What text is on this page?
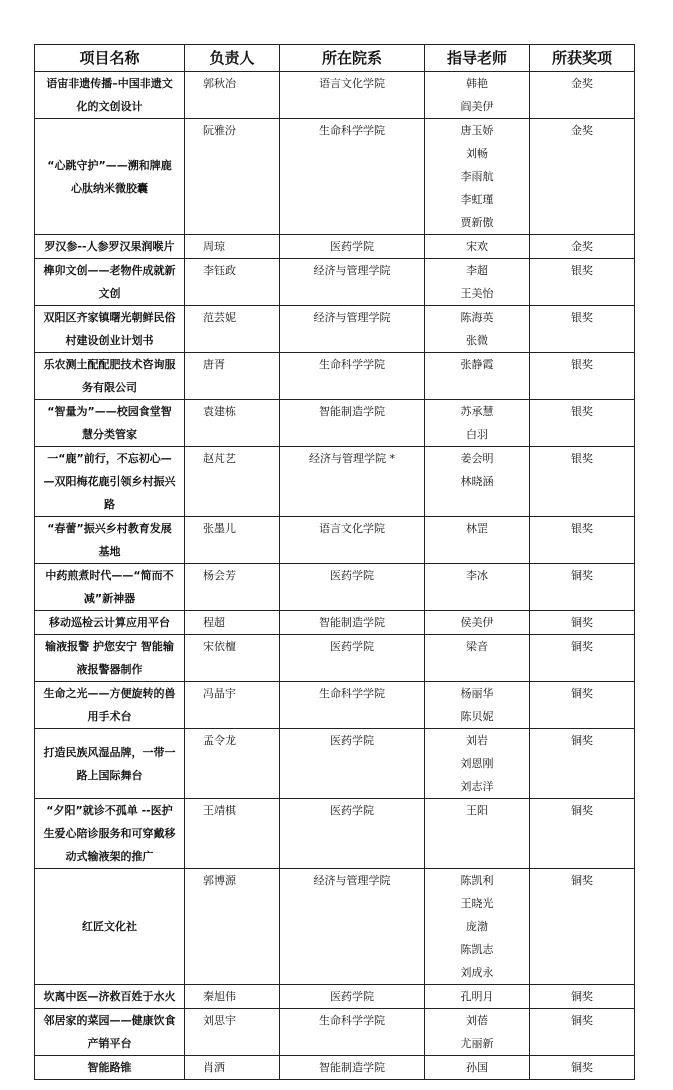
项目名称	负责人	所在院系	指导老师	所获奖项

语宙非遗传播–中国非遗文
化的文创设计	郭秋冶	语言文化学院	韩艳
阎美伊	金奖

“心跳守护”——溯和牌鹿
心肽纳米微胶囊	阮雅汾	生命科学学院	唐玉娇
刘畅
李雨航
李虹瑾
贾新傲	金奖

罗汉参--人参罗汉果润喉片	周琼	医药学院	宋欢	金奖

榫卯文创——老物件成就新
文创	李钰政	经济与管理学院	李超
王美怡	银奖

双阳区齐家镇曙光朝鲜民俗
村建设创业计划书	范芸妮	经济与管理学院	陈海英
张微	银奖

乐农测土配配肥技术咨询服
务有限公司	唐胥	生命科学学院	张静霞	银奖

“智量为”——校园食堂智
慧分类管家	袁建栋	智能制造学院	苏承慧
白羽	银奖

一“鹿”前行，不忘初心—
—双阳梅花鹿引领乡村振兴
路	赵芃艺	经济与管理学院 *	姜会明
林晓涵	银奖

“春蕾”振兴乡村教育发展
基地	张墨儿	语言文化学院	林罡	银奖

中药煎煮时代——“简而不
减”新神器	杨会芳	医药学院	李冰	铜奖

移动巡检云计算应用平台	程超	智能制造学院	侯美伊	铜奖

输液报警 护您安宁 智能输
液报警器制作	宋依檀	医药学院	梁音	铜奖

生命之光——方便旋转的兽
用手术台	冯晶宇	生命科学学院	杨丽华
陈贝妮	铜奖

打造民族风湿品牌，一带一
路上国际舞台	孟令龙	医药学院	刘岩
刘恩刚
刘志洋	铜奖

“夕阳”就诊不孤单 --医护
生爱心陪诊服务和可穿戴移
动式输液架的推广	王靖棋	医药学院	王阳	铜奖

红匠文化社	郭博源	经济与管理学院	陈凯利
王晓光
庞渤
陈凯志
刘成永	铜奖

坎离中医—济救百姓于水火	秦旭伟	医药学院	孔明月	铜奖

邻居家的菜园——健康饮食
产销平台	刘思宇	生命科学学院	刘蓓
尤丽新	铜奖

智能路锥	肖洒	智能制造学院	孙国	铜奖
